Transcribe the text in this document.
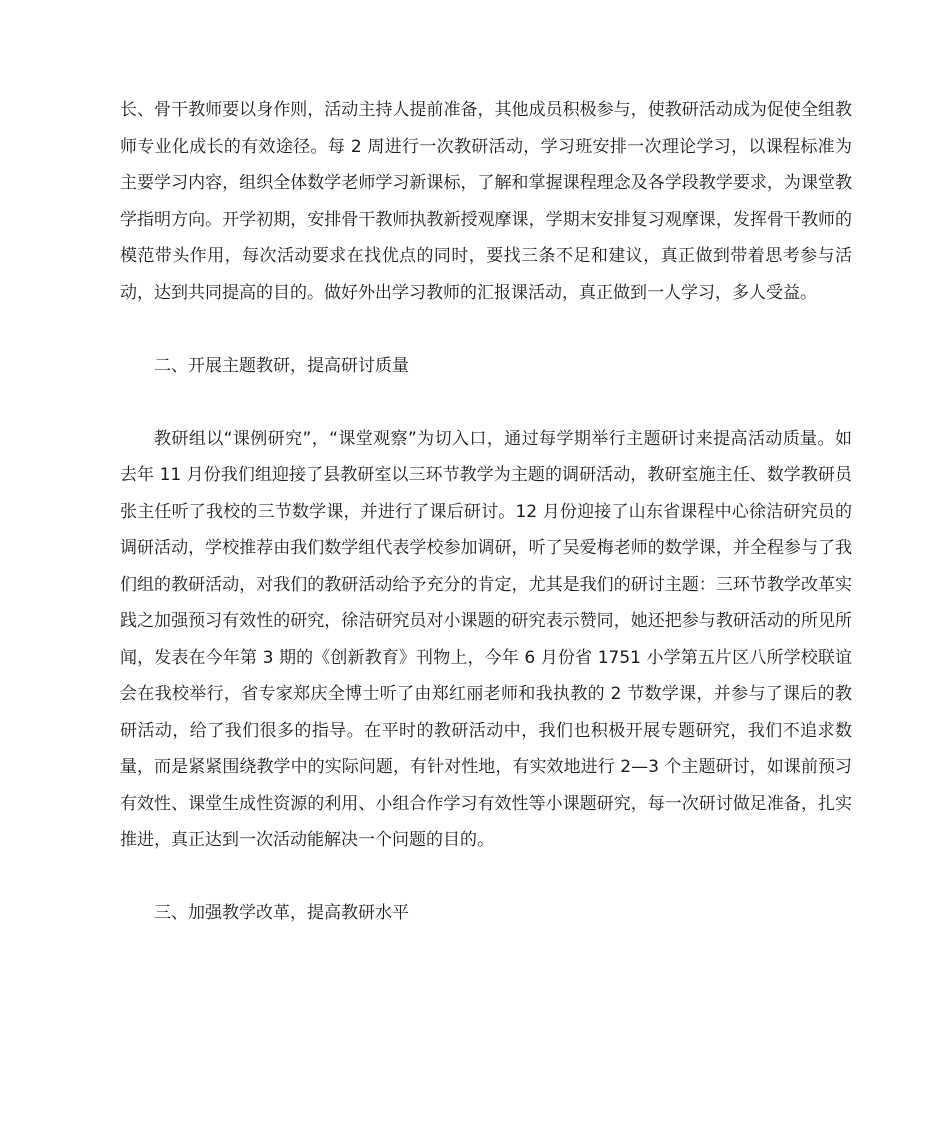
长、骨干教师要以身作则，活动主持人提前准备，其他成员积极参与，使教研活动成为促使全组教师专业化成长的有效途径。每 2 周进行一次教研活动，学习班安排一次理论学习，以课程标准为主要学习内容，组织全体数学老师学习新课标，了解和掌握课程理念及各学段教学要求，为课堂教学指明方向。开学初期，安排骨干教师执教新授观摩课，学期末安排复习观摩课，发挥骨干教师的模范带头作用，每次活动要求在找优点的同时，要找三条不足和建议，真正做到带着思考参与活动，达到共同提高的目的。做好外出学习教师的汇报课活动，真正做到一人学习，多人受益。

二、开展主题教研，提高研讨质量

教研组以“课例研究”，“课堂观察”为切入口，通过每学期举行主题研讨来提高活动质量。如去年 11 月份我们组迎接了县教研室以三环节教学为主题的调研活动，教研室施主任、数学教研员张主任听了我校的三节数学课，并进行了课后研讨。12 月份迎接了山东省课程中心徐洁研究员的调研活动，学校推荐由我们数学组代表学校参加调研，听了吴爱梅老师的数学课，并全程参与了我们组的教研活动，对我们的教研活动给予充分的肯定，尤其是我们的研讨主题：三环节教学改革实践之加强预习有效性的研究，徐洁研究员对小课题的研究表示赞同，她还把参与教研活动的所见所闻，发表在今年第 3 期的《创新教育》刊物上，今年 6 月份省 1751 小学第五片区八所学校联谊会在我校举行，省专家郑庆全博士听了由郑红丽老师和我执教的 2 节数学课，并参与了课后的教研活动，给了我们很多的指导。在平时的教研活动中，我们也积极开展专题研究，我们不追求数量，而是紧紧围绕教学中的实际问题，有针对性地，有实效地进行 2—3 个主题研讨，如课前预习有效性、课堂生成性资源的利用、小组合作学习有效性等小课题研究，每一次研讨做足准备，扎实推进，真正达到一次活动能解决一个问题的目的。

三、加强教学改革，提高教研水平
